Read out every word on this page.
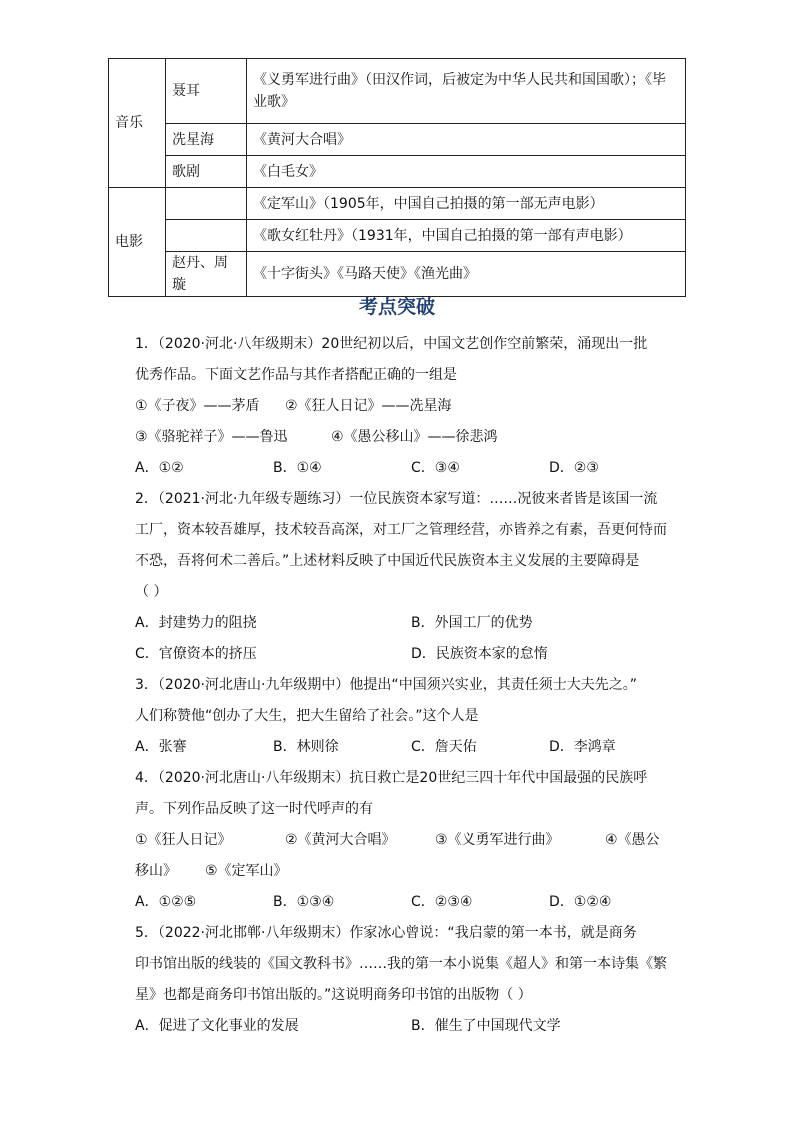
音乐	聂耳	《义勇军进行曲》（田汉作词，后被定为中华人民共和国国歌）；《毕
业歌》

	冼星海	《黄河大合唱》
	歌剧	《白毛女》
电影		《定军山》（1905年，中国自己拍摄的第一部无声电影）
		《歌女红牡丹》（1931年，中国自己拍摄的第一部有声电影）
	赵丹、周璇	《十字街头》《马路天使》《渔光曲》
考点突破
1．（2020·河北·八年级期末）20世纪初以后，中国文艺创作空前繁荣，涌现出一批
优秀作品。下面文艺作品与其作者搭配正确的一组是
①《子夜》——茅盾	②《狂人日记》——冼星海
③《骆驼祥子》——鲁迅	④《愚公移山》——徐悲鸿
A．①②	B．①④	C．③④	D．②③
2．（2021·河北·九年级专题练习）一位民族资本家写道：……况彼来者皆是该国一流
工厂，资本较吾雄厚，技术较吾高深，对工厂之管理经营，亦皆养之有素，吾更何恃而
不恐，吾将何术二善后。”上述材料反映了中国近代民族资本主义发展的主要障碍是
（ ）
A．封建势力的阻挠	B．外国工厂的优势
C．官僚资本的挤压	D．民族资本家的怠惰
3．（2020·河北唐山·九年级期中）他提出“中国须兴实业，其责任须士大夫先之。”
人们称赞他“创办了大生，把大生留给了社会。”这个人是
A．张謇	B．林则徐	C．詹天佑	D．李鸿章
4．（2020·河北唐山·八年级期末）抗日救亡是20世纪三四十年代中国最强的民族呼
声。下列作品反映了这一时代呼声的有
①《狂人日记》	②《黄河大合唱》	③《义勇军进行曲》	④《愚公
移山》	⑤《定军山》
A．①②⑤	B．①③④	C．②③④	D．①②④
5．（2022·河北邯郸·八年级期末）作家冰心曾说：“我启蒙的第一本书，就是商务
印书馆出版的线装的《国文教科书》……我的第一本小说集《超人》和第一本诗集《繁
星》也都是商务印书馆出版的。”这说明商务印书馆的出版物（ ）
A．促进了文化事业的发展	B．催生了中国现代文学
